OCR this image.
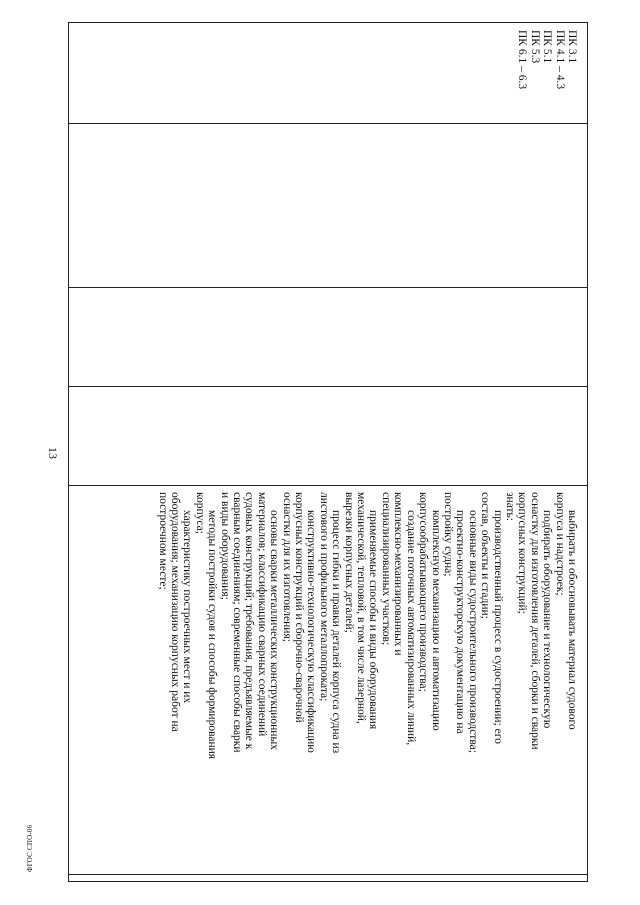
ПК 3.1
ПК 4.1 – 4.3
ПК 5.1
ПК 5.3
ПК 6.1 – 6.3
выбирать и обосновывать материал судового
корпуса и надстроек;
подбирать оборудование и технологическую
оснастку для изготовления деталей, сборки и сварки
корпусных конструкций;
знать:
производственный процесс в судостроении; его
состав, объекты и стадии;
основные виды судостроительного производства;
проектно-конструкторскую документацию на
постройку судна;
комплексную механизацию и автоматизацию
корпусообрабатывающего производства;
создание поточных автоматизированных линий,
комплексно-механизированных и
специализированных участков;
применяемые способы и виды оборудования
механической, тепловой, в том числе лазерной,
вырезки корпусных деталей;
процесс гибки и правки деталей корпуса судна из
листового и профильного металлопроката;
конструктивно-технологическую классификацию
корпусных конструкций и сборочно-сварочной
оснастки для их изготовления;
основы сварки металлических конструкционных
материалов; классификацию сварных соединений
судовых конструкций; требования, предъявляемые к
сварным соединениям; современные способы сварки
и виды оборудования;
методы постройки судов и способы формирования
корпуса;
характеристику построечных мест и их
оборудования; механизацию корпусных работ на
построечном месте;
13
ФГОС СПО-06
